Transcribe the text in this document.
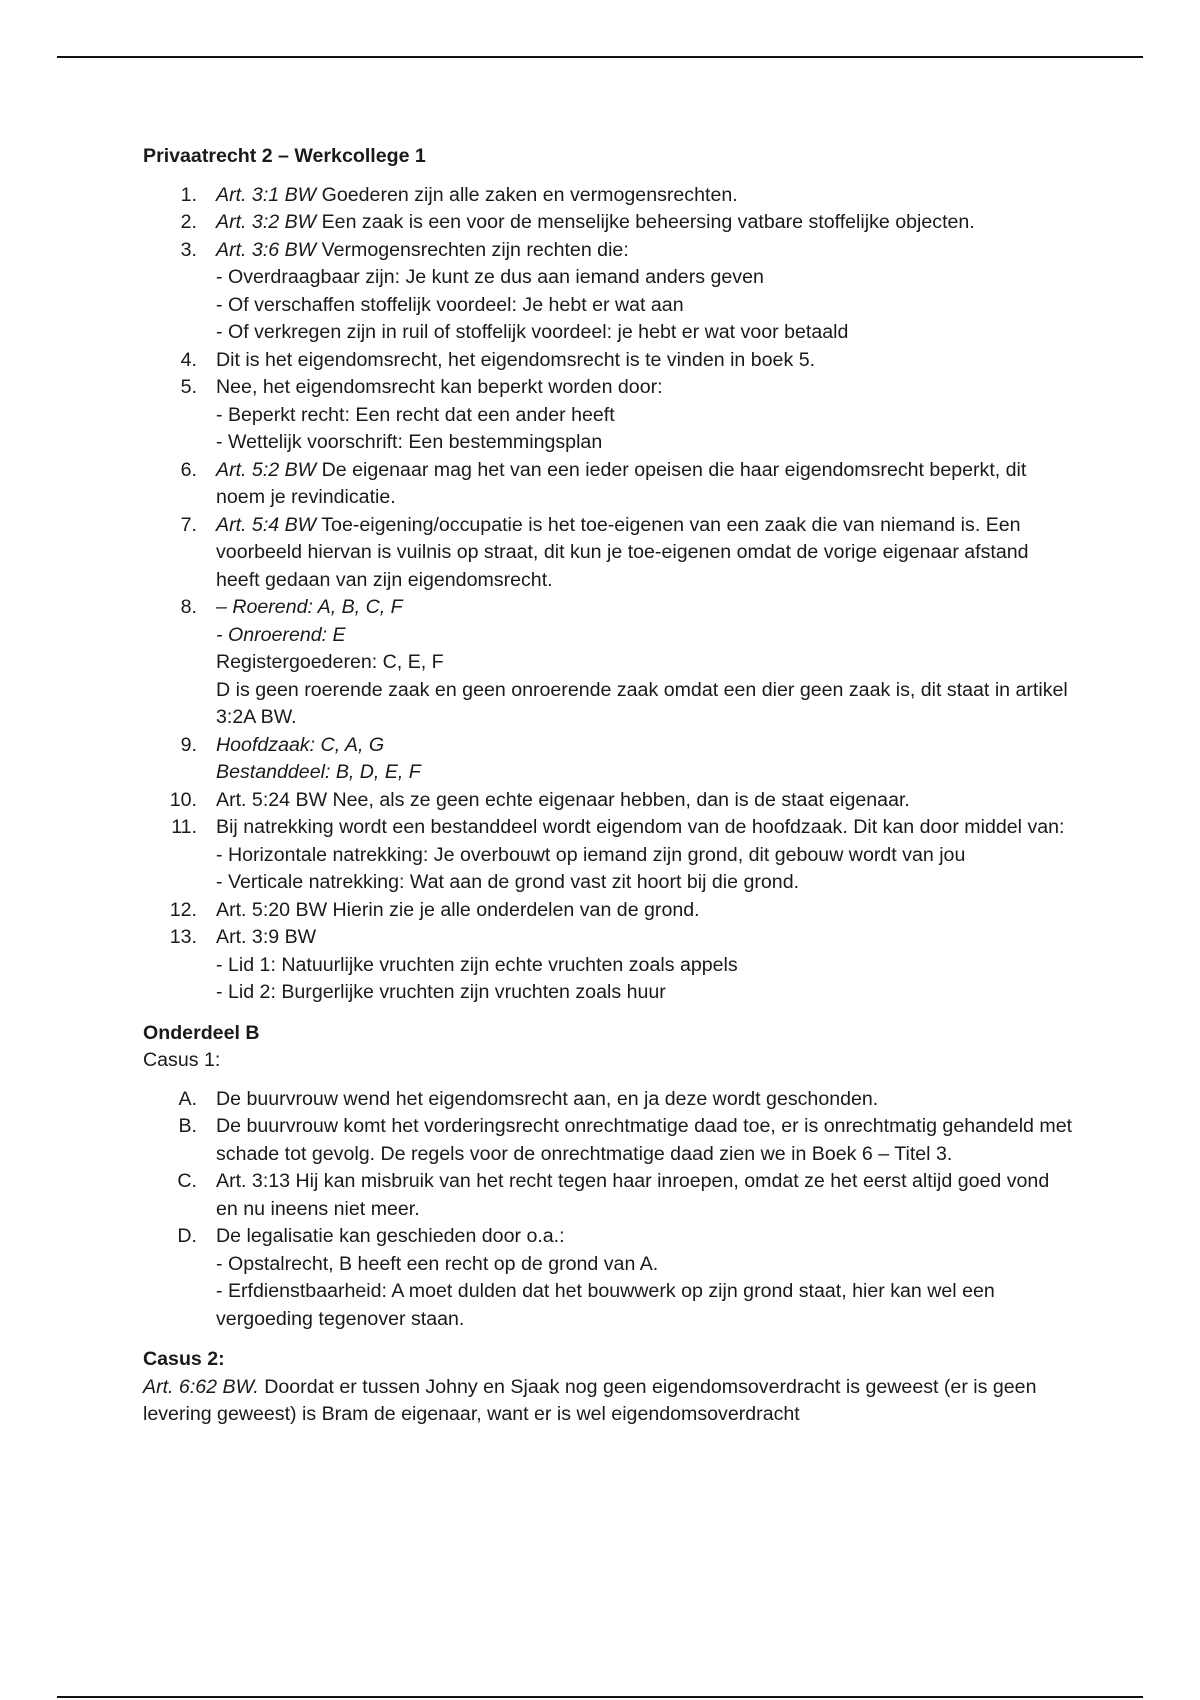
Privaatrecht 2 – Werkcollege 1
1. Art. 3:1 BW Goederen zijn alle zaken en vermogensrechten.
2. Art. 3:2 BW Een zaak is een voor de menselijke beheersing vatbare stoffelijke objecten.
3. Art. 3:6 BW Vermogensrechten zijn rechten die:
- Overdraagbaar zijn: Je kunt ze dus aan iemand anders geven
- Of verschaffen stoffelijk voordeel: Je hebt er wat aan
- Of verkregen zijn in ruil of stoffelijk voordeel: je hebt er wat voor betaald
4. Dit is het eigendomsrecht, het eigendomsrecht is te vinden in boek 5.
5. Nee, het eigendomsrecht kan beperkt worden door:
- Beperkt recht: Een recht dat een ander heeft
- Wettelijk voorschrift: Een bestemmingsplan
6. Art. 5:2 BW De eigenaar mag het van een ieder opeisen die haar eigendomsrecht beperkt, dit noem je revindicatie.
7. Art. 5:4 BW Toe-eigening/occupatie is het toe-eigenen van een zaak die van niemand is. Een voorbeeld hiervan is vuilnis op straat, dit kun je toe-eigenen omdat de vorige eigenaar afstand heeft gedaan van zijn eigendomsrecht.
8. – Roerend: A, B, C, F
- Onroerend: E
Registergoederen: C, E, F
D is geen roerende zaak en geen onroerende zaak omdat een dier geen zaak is, dit staat in artikel 3:2A BW.
9. Hoofdzaak: C, A, G
Bestanddeel: B, D, E, F
10. Art. 5:24 BW Nee, als ze geen echte eigenaar hebben, dan is de staat eigenaar.
11. Bij natrekking wordt een bestanddeel wordt eigendom van de hoofdzaak. Dit kan door middel van:
- Horizontale natrekking: Je overbouwt op iemand zijn grond, dit gebouw wordt van jou
- Verticale natrekking: Wat aan de grond vast zit hoort bij die grond.
12. Art. 5:20 BW Hierin zie je alle onderdelen van de grond.
13. Art. 3:9 BW
- Lid 1: Natuurlijke vruchten zijn echte vruchten zoals appels
- Lid 2: Burgerlijke vruchten zijn vruchten zoals huur
Onderdeel B
Casus 1:
A. De buurvrouw wend het eigendomsrecht aan, en ja deze wordt geschonden.
B. De buurvrouw komt het vorderingsrecht onrechtmatige daad toe, er is onrechtmatig gehandeld met schade tot gevolg. De regels voor de onrechtmatige daad zien we in Boek 6 – Titel 3.
C. Art. 3:13 Hij kan misbruik van het recht tegen haar inroepen, omdat ze het eerst altijd goed vond en nu ineens niet meer.
D. De legalisatie kan geschieden door o.a.:
- Opstalrecht, B heeft een recht op de grond van A.
- Erfdienstbaarheid: A moet dulden dat het bouwwerk op zijn grond staat, hier kan wel een vergoeding tegenover staan.
Casus 2:
Art. 6:62 BW. Doordat er tussen Johny en Sjaak nog geen eigendomsoverdracht is geweest (er is geen levering geweest) is Bram de eigenaar, want er is wel eigendomsoverdracht
